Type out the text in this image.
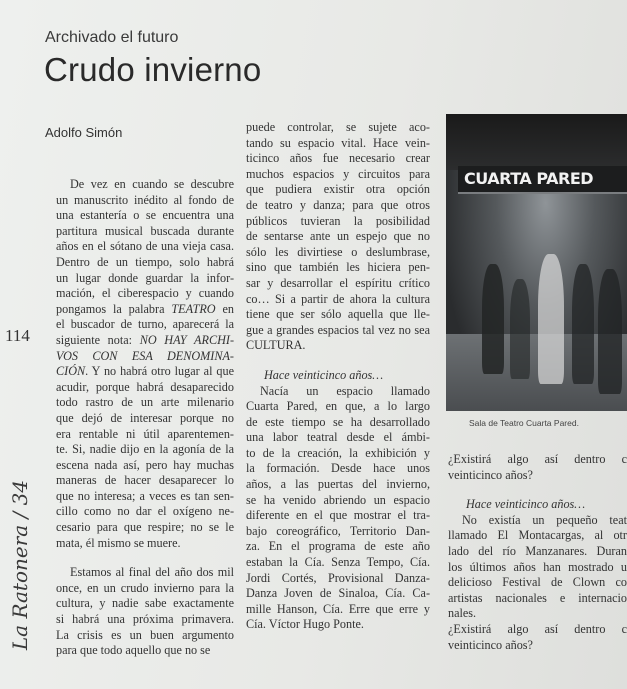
Archivado el futuro
Crudo invierno
Adolfo Simón
114
La Ratonera / 34
De vez en cuando se descubre
un manuscrito inédito al fondo de
una estantería o se encuentra una
partitura musical buscada durante
años en el sótano de una vieja casa.
Dentro de un tiempo, solo habrá
un lugar donde guardar la infor-
mación, el ciberespacio y cuando
pongamos la palabra TEATRO en
el buscador de turno, aparecerá la
siguiente nota: NO HAY ARCHI-
VOS CON ESA DENOMINA-
CIÓN. Y no habrá otro lugar al que
acudir, porque habrá desaparecido
todo rastro de un arte milenario
que dejó de interesar porque no
era rentable ni útil aparentemen-
te. Si, nadie dijo en la agonía de la
escena nada así, pero hay muchas
maneras de hacer desaparecer lo
que no interesa; a veces es tan sen-
cillo como no dar el oxígeno ne-
cesario para que respire; no se le
mata, él mismo se muere.
Estamos al final del año dos mil
once, en un crudo invierno para la
cultura, y nadie sabe exactamente
si habrá una próxima primavera.
La crisis es un buen argumento
para que todo aquello que no se
puede controlar, se sujete aco-
tando su espacio vital. Hace vein-
ticinco años fue necesario crear
muchos espacios y circuitos para
que pudiera existir otra opción
de teatro y danza; para que otros
públicos tuvieran la posibilidad
de sentarse ante un espejo que no
sólo les divirtiese o deslumbrase,
sino que también les hiciera pen-
sar y desarrollar el espíritu crítico
co… Si a partir de ahora la cultura
tiene que ser sólo aquella que lle-
gue a grandes espacios tal vez no sea
CULTURA.
Hace veinticinco años…
Nacía un espacio llamado
Cuarta Pared, en que, a lo largo
de este tiempo se ha desarrollado
una labor teatral desde el ámbi-
to de la creación, la exhibición y
la formación. Desde hace unos
años, a las puertas del invierno,
se ha venido abriendo un espacio
diferente en el que mostrar el tra-
bajo coreográfico, Territorio Dan-
za. En el programa de este año
estaban la Cía. Senza Tempo, Cía.
Jordi Cortés, Provisional Danza-
Danza Joven de Sinaloa, Cía. Ca-
mille Hanson, Cía. Erre que erre y
Cía. Víctor Hugo Ponte.
CUARTA PARED
Sala de Teatro Cuarta Pared.
¿Existirá algo así dentro c
veinticinco años?
Hace veinticinco años…
No existía un pequeño teat
llamado El Montacargas, al otr
lado del río Manzanares. Duran
los últimos años han mostrado u
delicioso Festival de Clown co
artistas nacionales e internacio
nales.
¿Existirá algo así dentro c
veinticinco años?
